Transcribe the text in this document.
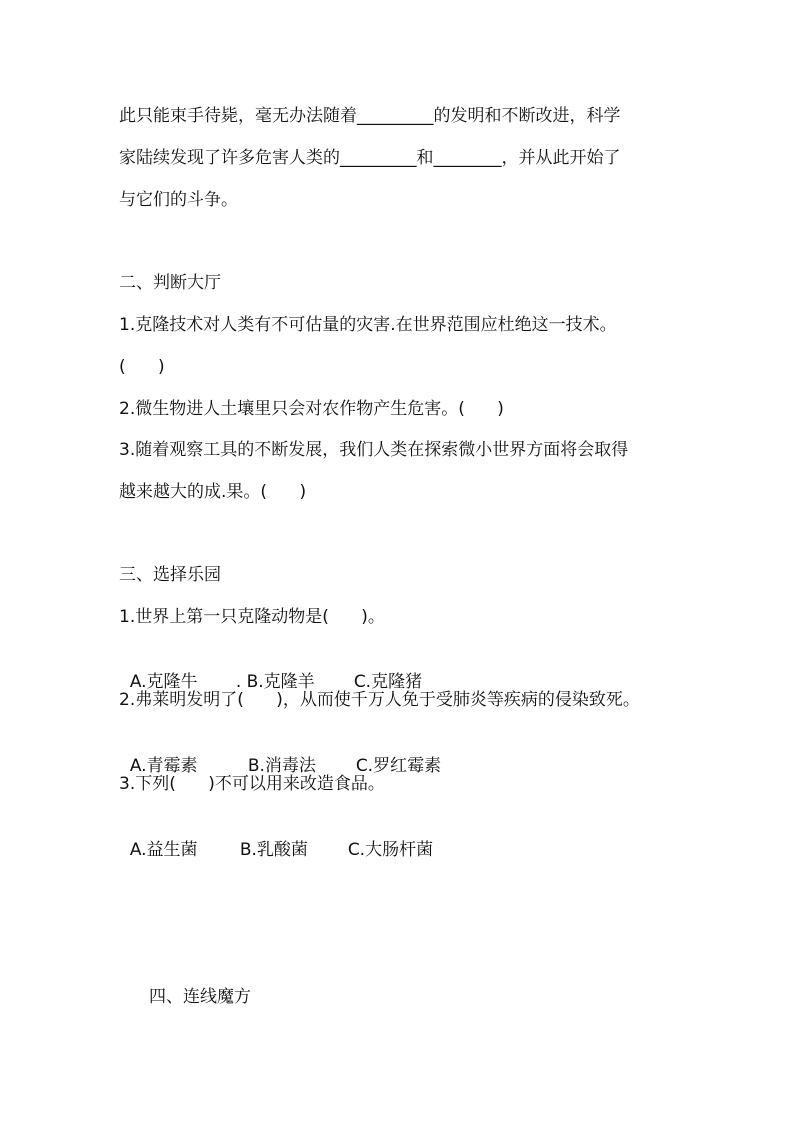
此只能束手待毙，毫无办法随着_________的发明和不断改进，科学

家陆续发现了许多危害人类的_________和________，并从此开始了

与它们的斗争。

二、判断大厅

1.克隆技术对人类有不可估量的灾害.在世界范围应杜绝这一技术。

(      )

2.微生物进人土壤里只会对农作物产生危害。(      )

3.随着观察工具的不断发展，我们人类在探索微小世界方面将会取得

越来越大的成.果。(      )

三、选择乐园

1.世界上第一只克隆动物是(      )。

A.克隆牛 . B.克隆羊 C.克隆猪

2.弗莱明发明了(      )，从而使千万人免于受肺炎等疾病的侵染致死。

A.青霉素	B.消毒法 C.罗红霉素

3.下列(      )不可以用来改造食品。

A.益生菌 B.乳酸菌 C.大肠杆菌

四、连线魔方
